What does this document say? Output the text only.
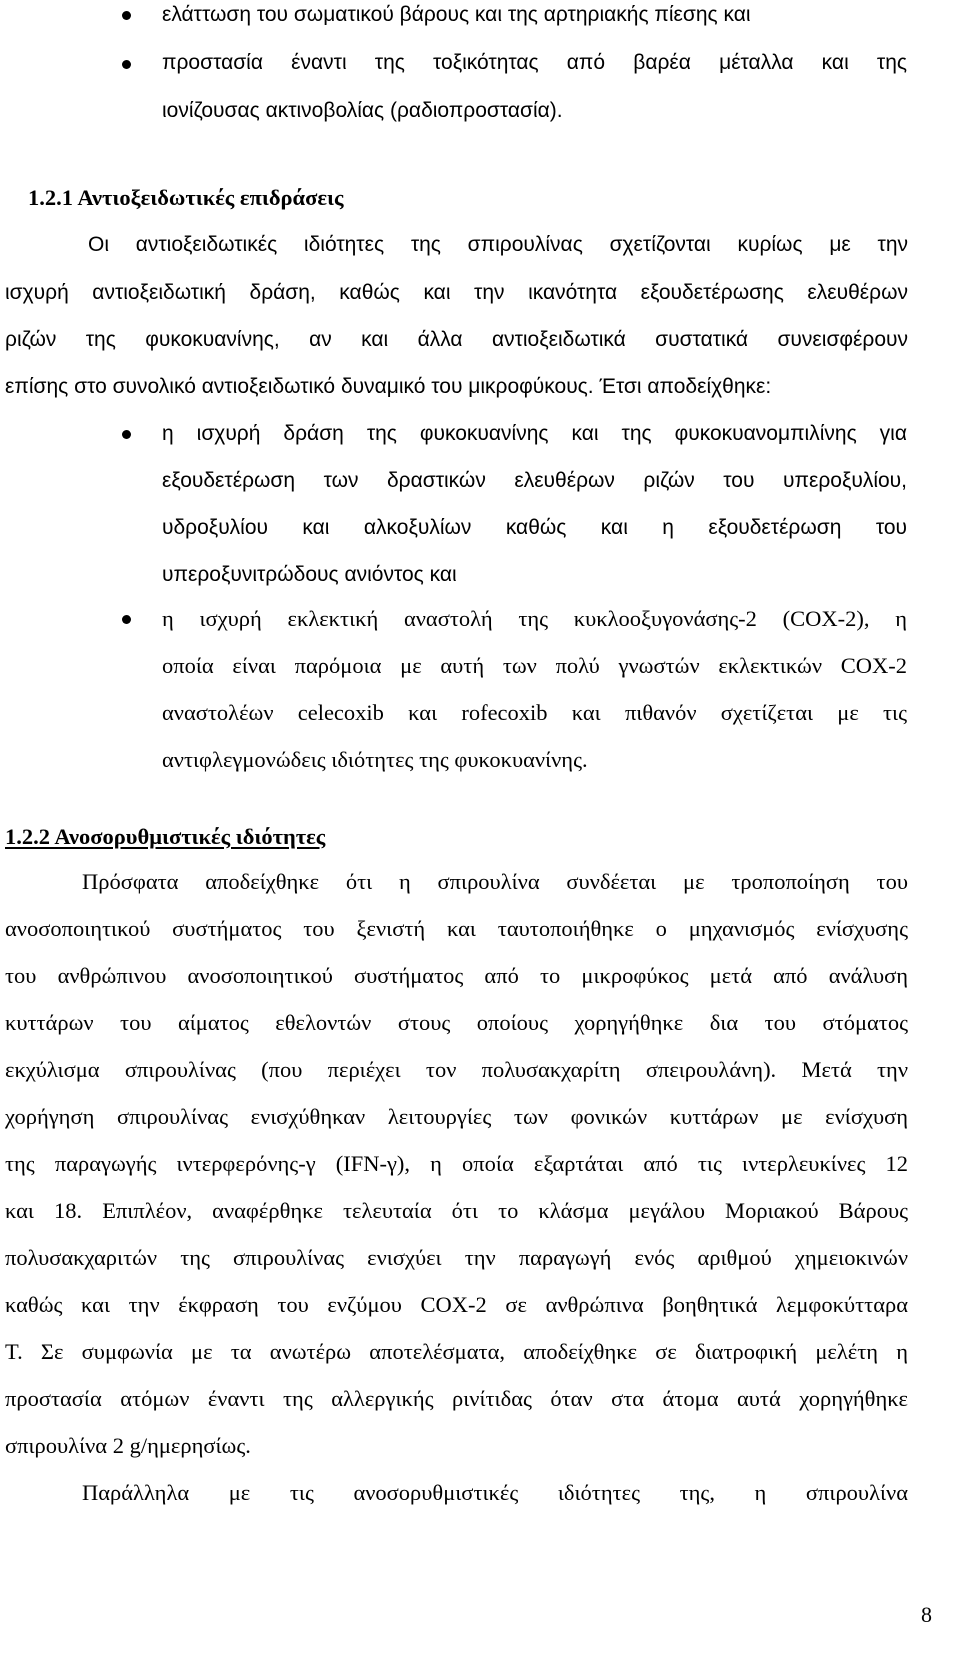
ελάττωση του σωματικού βάρους και της αρτηριακής πίεσης και
προστασία έναντι της τοξικότητας από βαρέα μέταλλα και της
ιονίζουσας ακτινοβολίας (ραδιοπροστασία).
1.2.1 Αντιοξειδωτικές επιδράσεις
Οι αντιοξειδωτικές ιδιότητες της σπιρουλίνας σχετίζονται κυρίως με την
ισχυρή αντιοξειδωτική δράση, καθώς και την ικανότητα εξουδετέρωσης ελευθέρων
ριζών της φυκοκυανίνης, αν και άλλα αντιοξειδωτικά συστατικά συνεισφέρουν
επίσης στο συνολικό αντιοξειδωτικό δυναμικό του μικροφύκους. Έτσι αποδείχθηκε:
η ισχυρή δράση της φυκοκυανίνης και της φυκοκυανομπιλίνης για
εξουδετέρωση των δραστικών ελευθέρων ριζών του υπεροξυλίου,
υδροξυλίου και αλκοξυλίων καθώς και η εξουδετέρωση του
υπεροξυνιτρώδους ανιόντος και
η ισχυρή εκλεκτική αναστολή της κυκλοοξυγονάσης-2 (COX-2), η
οποία είναι παρόμοια με αυτή των πολύ γνωστών εκλεκτικών COX-2
αναστολέων celecoxib και rofecoxib και πιθανόν σχετίζεται με τις
αντιφλεγμονώδεις ιδιότητες της φυκοκυανίνης.
1.2.2 Ανοσορυθμιστικές ιδιότητες
Πρόσφατα αποδείχθηκε ότι η σπιρουλίνα συνδέεται με τροποποίηση του
ανοσοποιητικού συστήματος του ξενιστή και ταυτοποιήθηκε ο μηχανισμός ενίσχυσης
του ανθρώπινου ανοσοποιητικού συστήματος από το μικροφύκος μετά από ανάλυση
κυττάρων του αίματος εθελοντών στους οποίους χορηγήθηκε δια του στόματος
εκχύλισμα σπιρουλίνας (που περιέχει τον πολυσακχαρίτη σπειρουλάνη). Μετά την
χορήγηση σπιρουλίνας ενισχύθηκαν λειτουργίες των φονικών κυττάρων με ενίσχυση
της παραγωγής ιντερφερόνης-γ (IFN-γ), η οποία εξαρτάται από τις ιντερλευκίνες 12
και 18. Επιπλέον, αναφέρθηκε τελευταία ότι το κλάσμα μεγάλου Μοριακού Βάρους
πολυσακχαριτών της σπιρουλίνας ενισχύει την παραγωγή ενός αριθμού χημειοκινών
καθώς και την έκφραση του ενζύμου COX-2 σε ανθρώπινα βοηθητικά λεμφοκύτταρα
T. Σε συμφωνία με τα ανωτέρω αποτελέσματα, αποδείχθηκε σε διατροφική μελέτη η
προστασία ατόμων έναντι της αλλεργικής ρινίτιδας όταν στα άτομα αυτά χορηγήθηκε
σπιρουλίνα 2 g/ημερησίως.
Παράλληλα με τις ανοσορυθμιστικές ιδιότητες της, η σπιρουλίνα
8
